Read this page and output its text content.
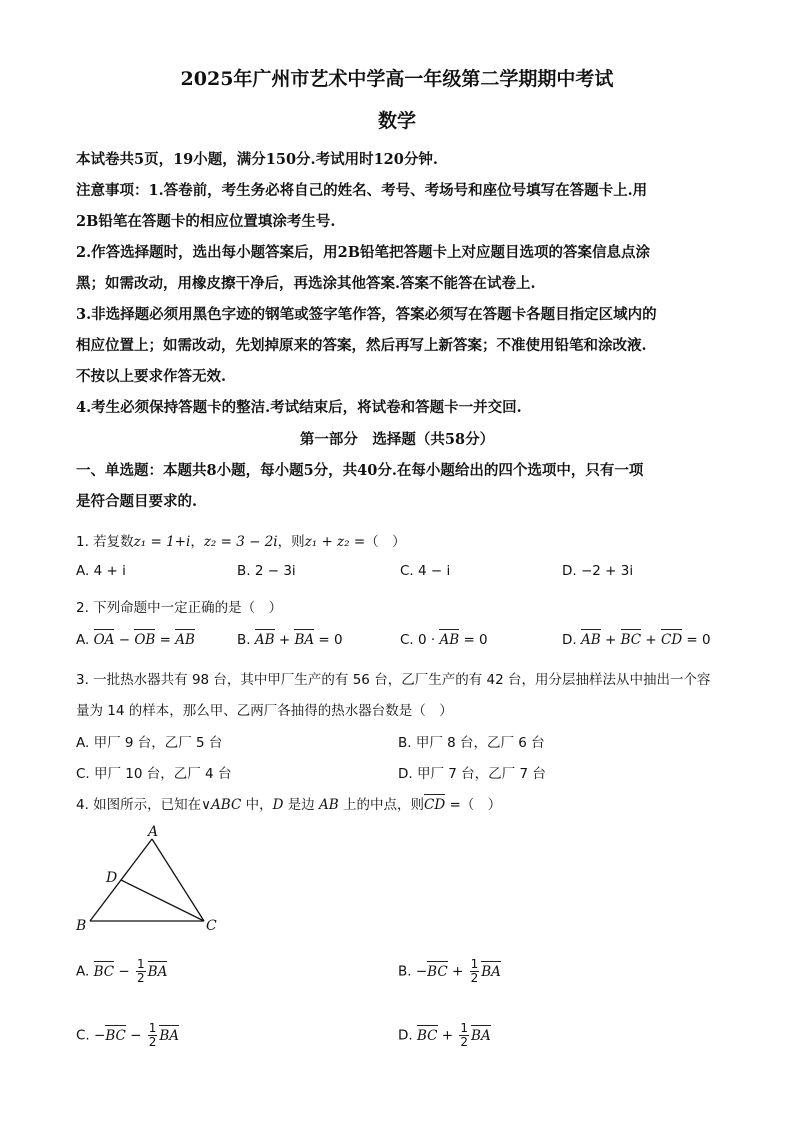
2025年广州市艺术中学高一年级第二学期期中考试
数学
本试卷共5页，19小题，满分150分.考试用时120分钟.
注意事项：1.答卷前，考生务必将自己的姓名、考号、考场号和座位号填写在答题卡上.用
2B铅笔在答题卡的相应位置填涂考生号.
2.作答选择题时，选出每小题答案后，用2B铅笔把答题卡上对应题目选项的答案信息点涂
黑；如需改动，用橡皮擦干净后，再选涂其他答案.答案不能答在试卷上.
3.非选择题必须用黑色字迹的钢笔或签字笔作答，答案必须写在答题卡各题目指定区域内的
相应位置上；如需改动，先划掉原来的答案，然后再写上新答案；不准使用铅笔和涂改液.
不按以上要求作答无效.
4.考生必须保持答题卡的整洁.考试结束后，将试卷和答题卡一并交回.
第一部分　选择题（共58分）
一、单选题：本题共8小题，每小题5分，共40分.在每小题给出的四个选项中，只有一项
是符合题目要求的.
1. 若复数z₁ = 1+i，z₂ = 3 − 2i，则z₁ + z₂ =（　）
A. 4 + i	B. 2 − 3i	C. 4 − i	D. −2 + 3i
2. 下列命题中一定正确的是（　）
A. OA − OB = AB	B. AB + BA = 0	C. 0 · AB = 0	D. AB + BC + CD = 0
3. 一批热水器共有 98 台，其中甲厂生产的有 56 台，乙厂生产的有 42 台，用分层抽样法从中抽出一个容
量为 14 的样本，那么甲、乙两厂各抽得的热水器台数是（　）
A. 甲厂 9 台，乙厂 5 台	B. 甲厂 8 台，乙厂 6 台
C. 甲厂 10 台，乙厂 4 台	D. 甲厂 7 台，乙厂 7 台
4. 如图所示，已知在∨ABC 中，D 是边 AB 上的中点，则CD =（　）
A
B	C
D
A. BC − $\frac{1}{2}$ BA	B. $-BC + \frac{1}{2}$ BA
C. $-BC - \frac{1}{2}$ BA	D. BC + $\frac{1}{2}$ BA
